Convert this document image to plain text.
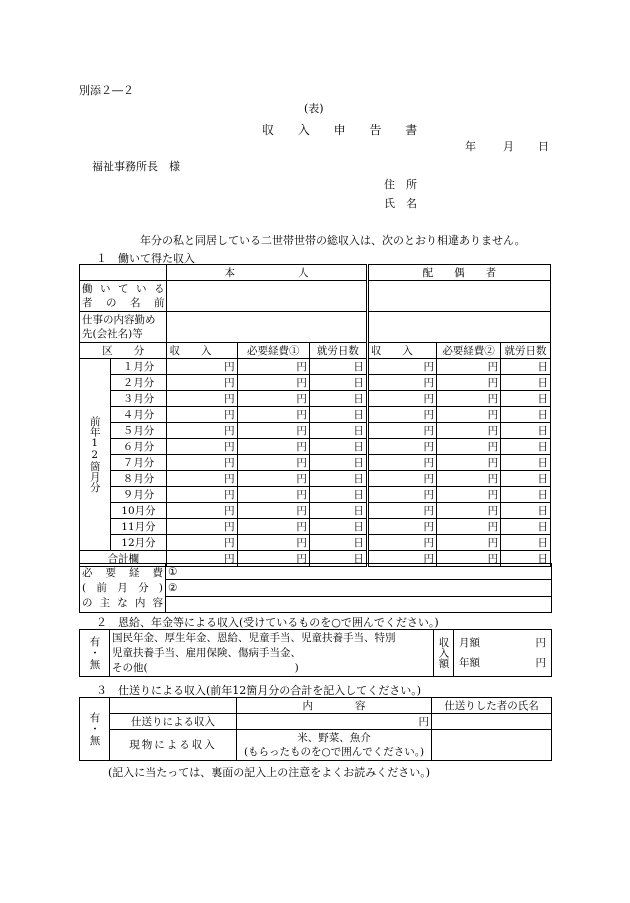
別添２―２
(表)
収 入 申 告 書
年 月 日
福祉事務所長　様
住　所
氏　名
年分の私と同居している二世帯世帯の総収入は、次のとおり相違ありません。
１　働いて得た収入
		本　　　　　　人			配　　偶　　者		

働いている
者の名前							

仕事の内容勤め
先(会社名)等							

区　　分		収　　入	必要経費①	就労日数	収　　入	必要経費②	就労日数

前年12箇月分	１月分	円	円	日	円	円	日
	２月分	円	円	日	円	円	日
	３月分	円	円	日	円	円	日
	４月分	円	円	日	円	円	日
	５月分	円	円	日	円	円	日
	６月分	円	円	日	円	円	日
	７月分	円	円	日	円	円	日
	８月分	円	円	日	円	円	日
	９月分	円	円	日	円	円	日
	10月分	円	円	日	円	円	日
	11月分	円	円	日	円	円	日
	12月分	円	円	日	円	円	日
合計欄		円	円	日	円	円	日
必要経費
(前月分)
の主な内容
	①
②

２　恩給、年金等による収入(受けているものを○で囲んでください。)
有・無	国民年金、厚生年金、恩給、児童手当、児童扶養手当、特別
児童扶養手当、雇用保険、傷病手当金、
その他(　　　　　　　　　　　　　　)	収入額	月額	円
年額	円
３　仕送りによる収入(前年12箇月分の合計を記入してください。)
有・無		内　　　　容	仕送りした者の氏名
	仕送りによる収入	円	
	現物による収入	米、野菜、魚介
(もらったものを○で囲んでください。)	

(記入に当たっては、裏面の記入上の注意をよくお読みください。)
